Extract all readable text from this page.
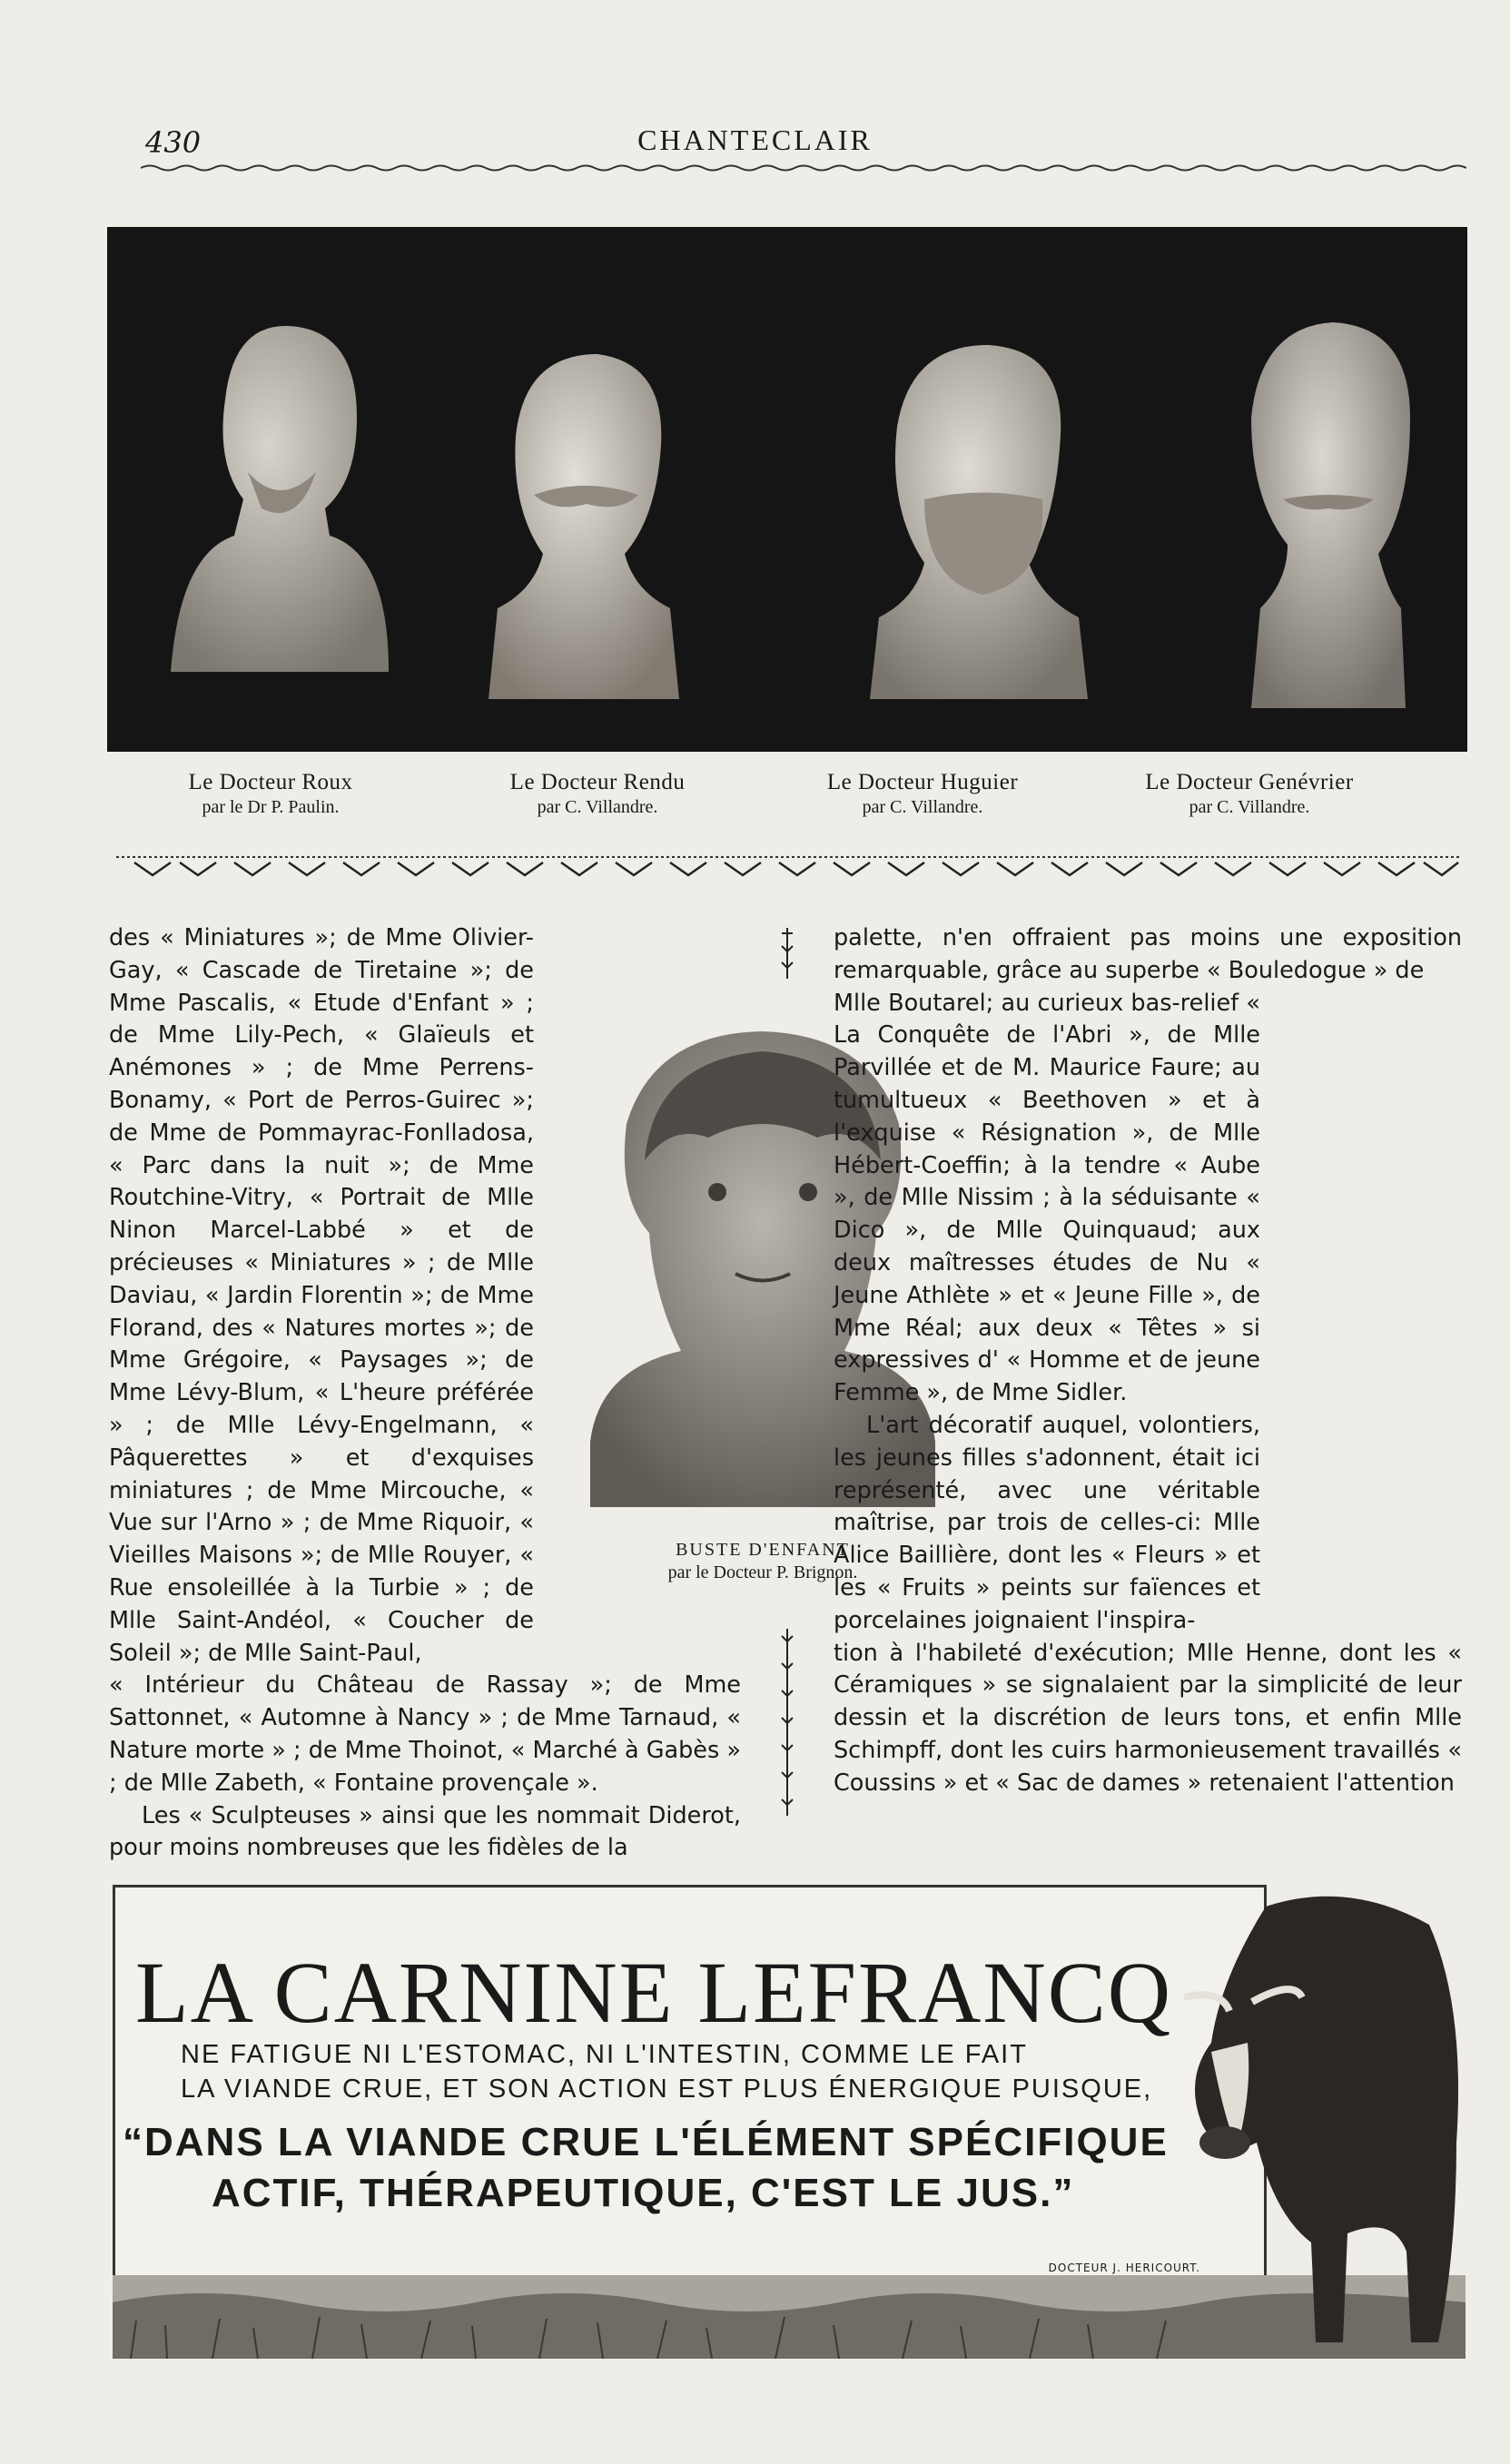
430	CHANTECLAIR
Le Docteur Roux
par le Dr P. Paulin.
Le Docteur Rendu
par C. Villandre.
Le Docteur Huguier
par C. Villandre.
Le Docteur Genévrier
par C. Villandre.

des « Miniatures »; de Mme Olivier-Gay, « Cascade de Tiretaine »; de Mme Pascalis, « Etude d'Enfant » ; de Mme Lily-Pech, « Glaïeuls et Anémones » ; de Mme Perrens-Bonamy, « Port de Perros-Guirec »; de Mme de Pommayrac-Fonlladosa, « Parc dans la nuit »; de Mme Routchine-Vitry, « Portrait de Mlle Ninon Marcel-Labbé » et de précieuses « Miniatures » ; de Mlle Daviau, « Jardin Florentin »; de Mme Florand, des « Natures mortes »; de Mme Grégoire, « Paysages »; de Mme Lévy-Blum, « L'heure préférée » ; de Mlle Lévy-Engelmann, « Pâquerettes » et d'exquises miniatures ; de Mme Mircouche, « Vue sur l'Arno » ; de Mme Riquoir, « Vieilles Maisons »; de Mlle Rouyer, « Rue ensoleillée à la Turbie » ; de Mlle Saint-Andéol, « Coucher de Soleil »; de Mlle Saint-Paul,

« Intérieur du Château de Rassay »; de Mme Sattonnet, « Automne à Nancy » ; de Mme Tarnaud, « Nature morte » ; de Mme Thoinot, « Marché à Gabès » ; de Mlle Zabeth, « Fontaine provençale ».

Les « Sculpteuses » ainsi que les nommait Diderot, pour moins nombreuses que les fidèles de la

BUSTE D'ENFANT
par le Docteur P. Brignon.

palette, n'en offraient pas moins une exposition remarquable, grâce au superbe « Bouledogue » de

Mlle Boutarel; au curieux bas-relief « La Conquête de l'Abri », de Mlle Parvillée et de M. Maurice Faure; au tumultueux « Beethoven » et à l'exquise « Résignation », de Mlle Hébert-Coeffin; à la tendre « Aube », de Mlle Nissim ; à la séduisante « Dico », de Mlle Quinquaud; aux deux maîtresses études de Nu « Jeune Athlète » et « Jeune Fille », de Mme Réal; aux deux « Têtes » si expressives d' « Homme et de jeune Femme », de Mme Sidler.

L'art décoratif auquel, volontiers, les jeunes filles s'adonnent, était ici représenté, avec une véritable maîtrise, par trois de celles-ci: Mlle Alice Baillière, dont les « Fleurs » et les « Fruits » peints sur faïences et porcelaines joignaient l'inspira-

tion à l'habileté d'exécution; Mlle Henne, dont les « Céramiques » se signalaient par la simplicité de leur dessin et la discrétion de leurs tons, et enfin Mlle Schimpff, dont les cuirs harmonieusement travaillés « Coussins » et « Sac de dames » retenaient l'attention

LA CARNINE LEFRANCQ
NE FATIGUE NI L'ESTOMAC, NI L'INTESTIN, COMME LE FAIT
LA VIANDE CRUE, ET SON ACTION EST PLUS ÉNERGIQUE PUISQUE,
“DANS LA VIANDE CRUE L'ÉLÉMENT SPÉCIFIQUE
ACTIF, THÉRAPEUTIQUE, C'EST LE JUS.”
DOCTEUR J. HERICOURT.
